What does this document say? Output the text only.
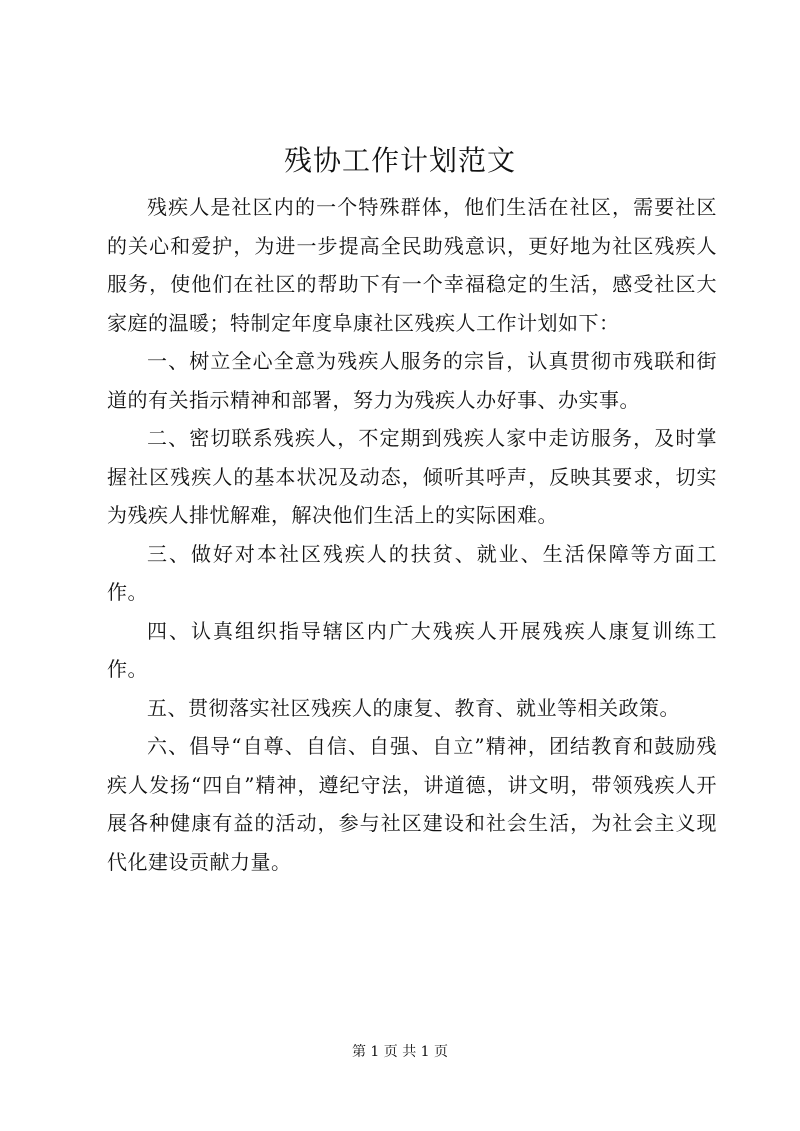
残协工作计划范文

残疾人是社区内的一个特殊群体，他们生活在社区，需要社区的关心和爱护，为进一步提高全民助残意识，更好地为社区残疾人服务，使他们在社区的帮助下有一个幸福稳定的生活，感受社区大家庭的温暖；特制定年度阜康社区残疾人工作计划如下：

一、树立全心全意为残疾人服务的宗旨，认真贯彻市残联和街道的有关指示精神和部署，努力为残疾人办好事、办实事。

二、密切联系残疾人，不定期到残疾人家中走访服务，及时掌握社区残疾人的基本状况及动态，倾听其呼声，反映其要求，切实为残疾人排忧解难，解决他们生活上的实际困难。

三、做好对本社区残疾人的扶贫、就业、生活保障等方面工作。

四、认真组织指导辖区内广大残疾人开展残疾人康复训练工作。

五、贯彻落实社区残疾人的康复、教育、就业等相关政策。

六、倡导“自尊、自信、自强、自立”精神，团结教育和鼓励残疾人发扬“四自”精神，遵纪守法，讲道德，讲文明，带领残疾人开展各种健康有益的活动，参与社区建设和社会生活，为社会主义现代化建设贡献力量。

第 1 页 共 1 页
